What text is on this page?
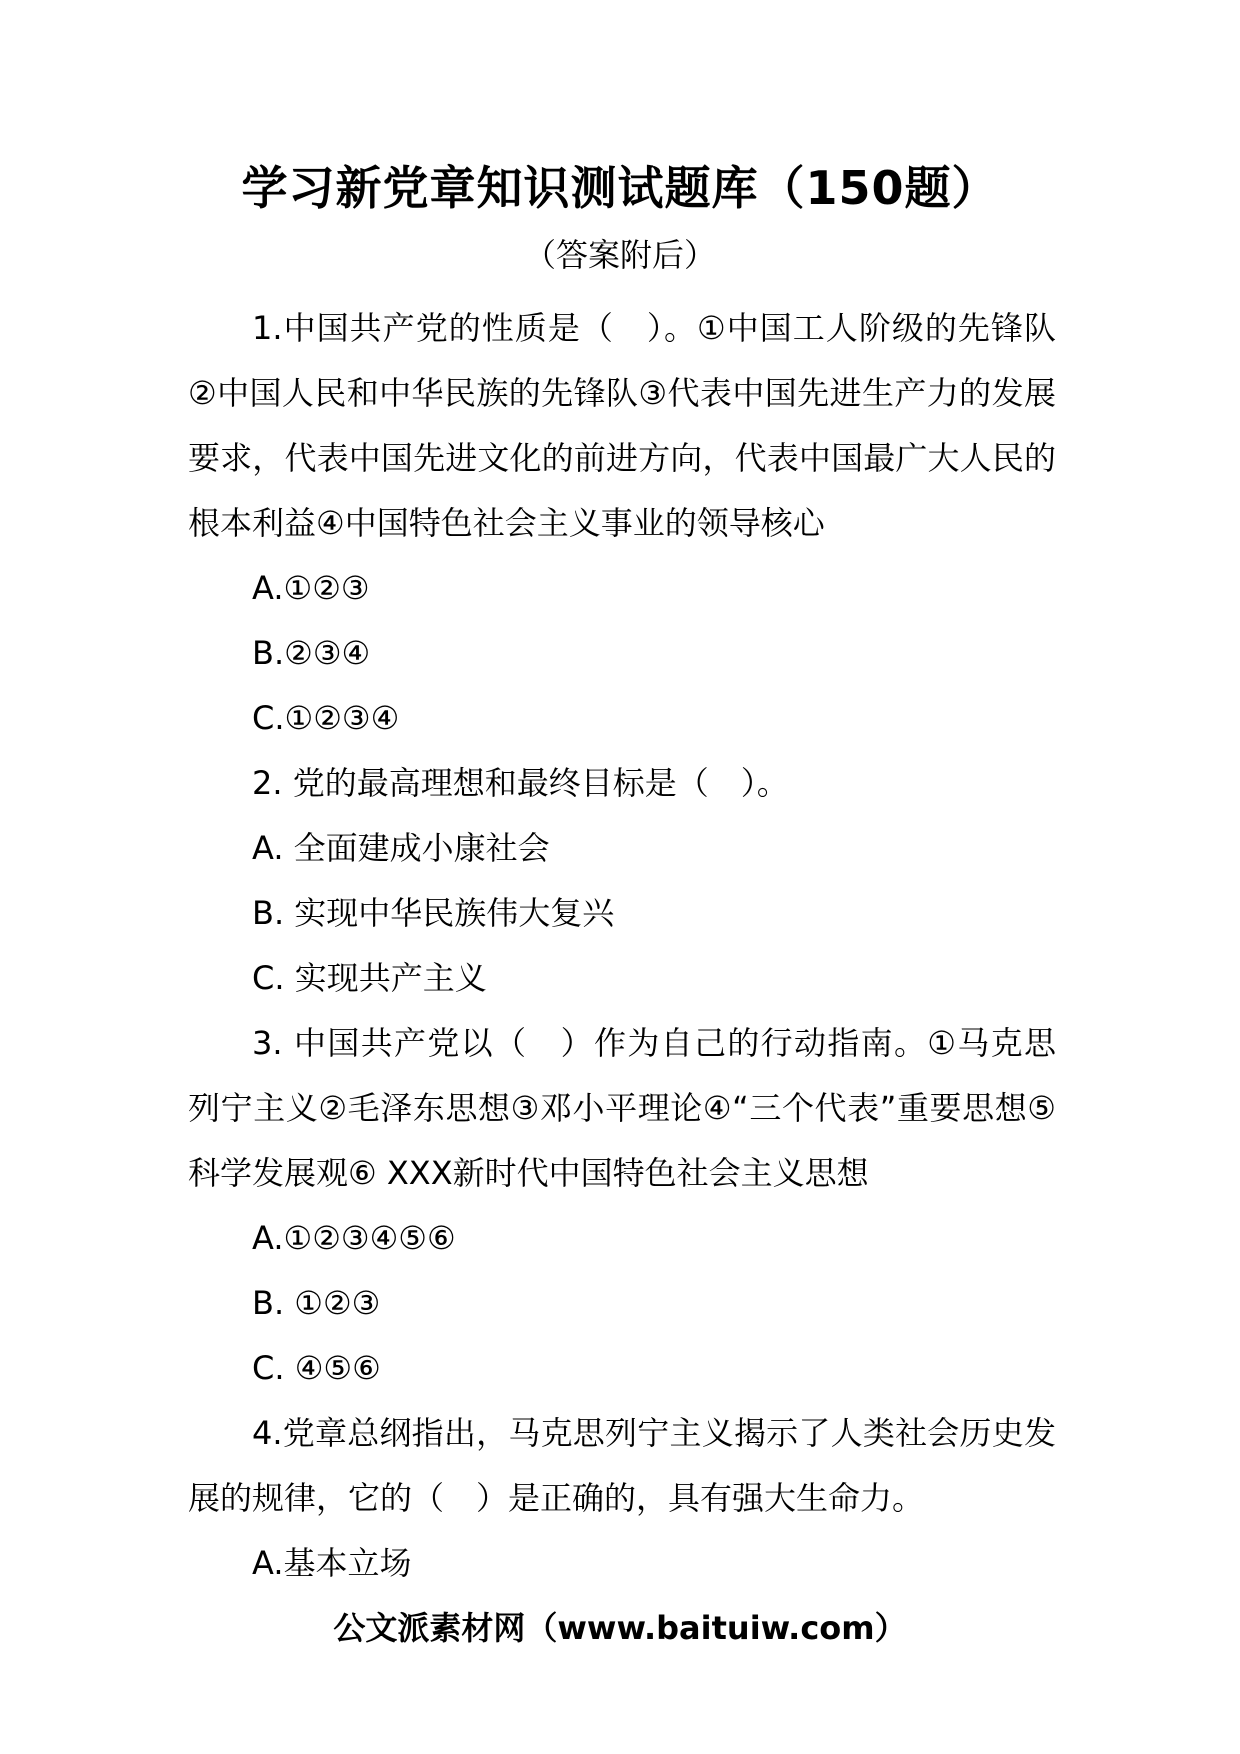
学习新党章知识测试题库（150题）
（答案附后）

1.中国共产党的性质是（　）。①中国工人阶级的先锋队②中国人民和中华民族的先锋队③代表中国先进生产力的发展要求，代表中国先进文化的前进方向，代表中国最广大人民的根本利益④中国特色社会主义事业的领导核心

A.①②③

B.②③④

C.①②③④

2. 党的最高理想和最终目标是（　）。

A. 全面建成小康社会

B. 实现中华民族伟大复兴

C. 实现共产主义

3. 中国共产党以（　）作为自己的行动指南。①马克思列宁主义②毛泽东思想③邓小平理论④“三个代表”重要思想⑤科学发展观⑥ XXX新时代中国特色社会主义思想

A.①②③④⑤⑥

B. ①②③

C. ④⑤⑥

4.党章总纲指出，马克思列宁主义揭示了人类社会历史发展的规律，它的（　）是正确的，具有强大生命力。

A.基本立场

公文派素材网（www.baituiw.com）
